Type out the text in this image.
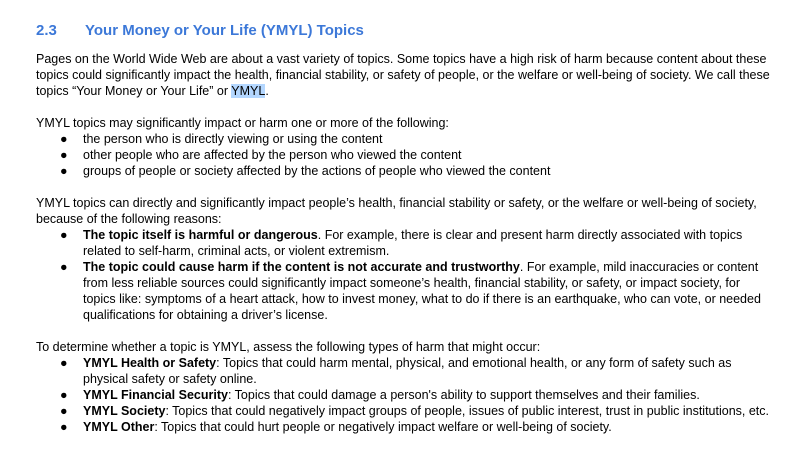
2.3 Your Money or Your Life (YMYL) Topics

Pages on the World Wide Web are about a vast variety of topics. Some topics have a high risk of harm because content about these topics could significantly impact the health, financial stability, or safety of people, or the welfare or well-being of society. We call these topics “Your Money or Your Life” or YMYL.

YMYL topics may significantly impact or harm one or more of the following:

● the person who is directly viewing or using the content
● other people who are affected by the person who viewed the content
● groups of people or society affected by the actions of people who viewed the content

YMYL topics can directly and significantly impact people’s health, financial stability or safety, or the welfare or well-being of society, because of the following reasons:

● The topic itself is harmful or dangerous. For example, there is clear and present harm directly associated with topics related to self-harm, criminal acts, or violent extremism.
● The topic could cause harm if the content is not accurate and trustworthy. For example, mild inaccuracies or content from less reliable sources could significantly impact someone’s health, financial stability, or safety, or impact society, for topics like: symptoms of a heart attack, how to invest money, what to do if there is an earthquake, who can vote, or needed qualifications for obtaining a driver’s license.

To determine whether a topic is YMYL, assess the following types of harm that might occur:

● YMYL Health or Safety: Topics that could harm mental, physical, and emotional health, or any form of safety such as physical safety or safety online.
● YMYL Financial Security: Topics that could damage a person's ability to support themselves and their families.
● YMYL Society: Topics that could negatively impact groups of people, issues of public interest, trust in public institutions, etc.
● YMYL Other: Topics that could hurt people or negatively impact welfare or well-being of society.
